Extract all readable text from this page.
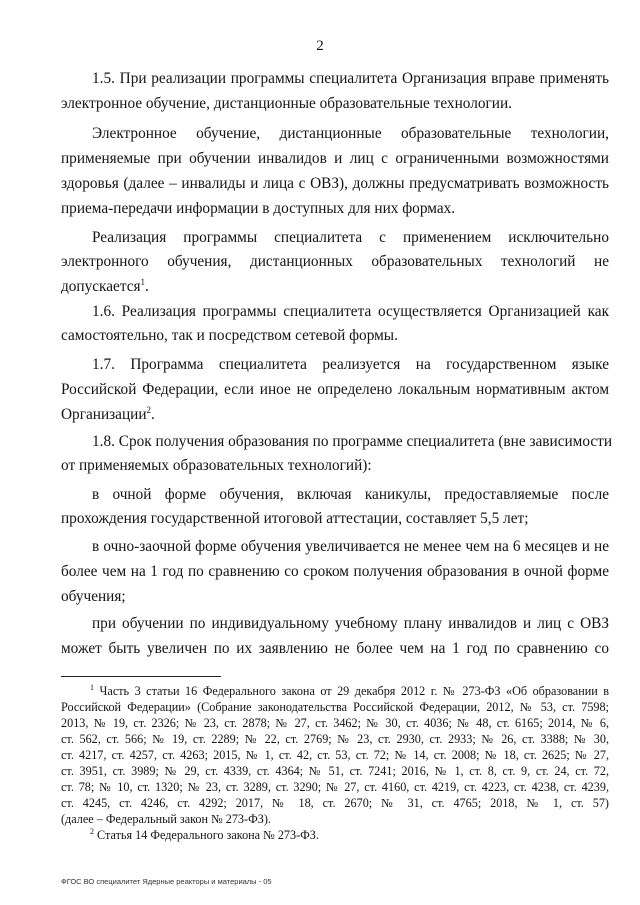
2
1.5. При реализации программы специалитета Организация вправе применять
электронное обучение, дистанционные образовательные технологии.
Электронное обучение, дистанционные образовательные технологии,
применяемые при обучении инвалидов и лиц с ограниченными возможностями
здоровья (далее – инвалиды и лица с ОВЗ), должны предусматривать возможность
приема-передачи информации в доступных для них формах.
Реализация программы специалитета с применением исключительно
электронного обучения, дистанционных образовательных технологий не
допускается$^1$.
1.6. Реализация программы специалитета осуществляется Организацией как
самостоятельно, так и посредством сетевой формы.
1.7. Программа специалитета реализуется на государственном языке
Российской Федерации, если иное не определено локальным нормативным актом
Организации$^2$.
1.8. Срок получения образования по программе специалитета (вне зависимости
от применяемых образовательных технологий):
в очной форме обучения, включая каникулы, предоставляемые после
прохождения государственной итоговой аттестации, составляет 5,5 лет;
в очно-заочной форме обучения увеличивается не менее чем на 6 месяцев и не
более чем на 1 год по сравнению со сроком получения образования в очной форме
обучения;
при обучении по индивидуальному учебному плану инвалидов и лиц с ОВЗ
может быть увеличен по их заявлению не более чем на 1 год по сравнению со
$^1$ Часть 3 статьи 16 Федерального закона от 29 декабря 2012 г. № 273-ФЗ «Об образовании в
Российской Федерации» (Собрание законодательства Российской Федерации, 2012, № 53, ст. 7598;
2013, № 19, ст. 2326; № 23, ст. 2878; № 27, ст. 3462; № 30, ст. 4036; № 48, ст. 6165; 2014, № 6,
ст. 562, ст. 566; № 19, ст. 2289; № 22, ст. 2769; № 23, ст. 2930, ст. 2933; № 26, ст. 3388; № 30,
ст. 4217, ст. 4257, ст. 4263; 2015, № 1, ст. 42, ст. 53, ст. 72; № 14, ст. 2008; № 18, ст. 2625; № 27,
ст. 3951, ст. 3989; № 29, ст. 4339, ст. 4364; № 51, ст. 7241; 2016, № 1, ст. 8, ст. 9, ст. 24, ст. 72,
ст. 78; № 10, ст. 1320; № 23, ст. 3289, ст. 3290; № 27, ст. 4160, ст. 4219, ст. 4223, ст. 4238, ст. 4239,
ст. 4245, ст. 4246, ст. 4292; 2017, № 18, ст. 2670; № 31, ст. 4765; 2018, № 1, ст. 57)
(далее – Федеральный закон № 273-ФЗ).
$^2$ Статья 14 Федерального закона № 273-ФЗ.
ФГОС ВО специалитет Ядерные реакторы и материалы - 05
